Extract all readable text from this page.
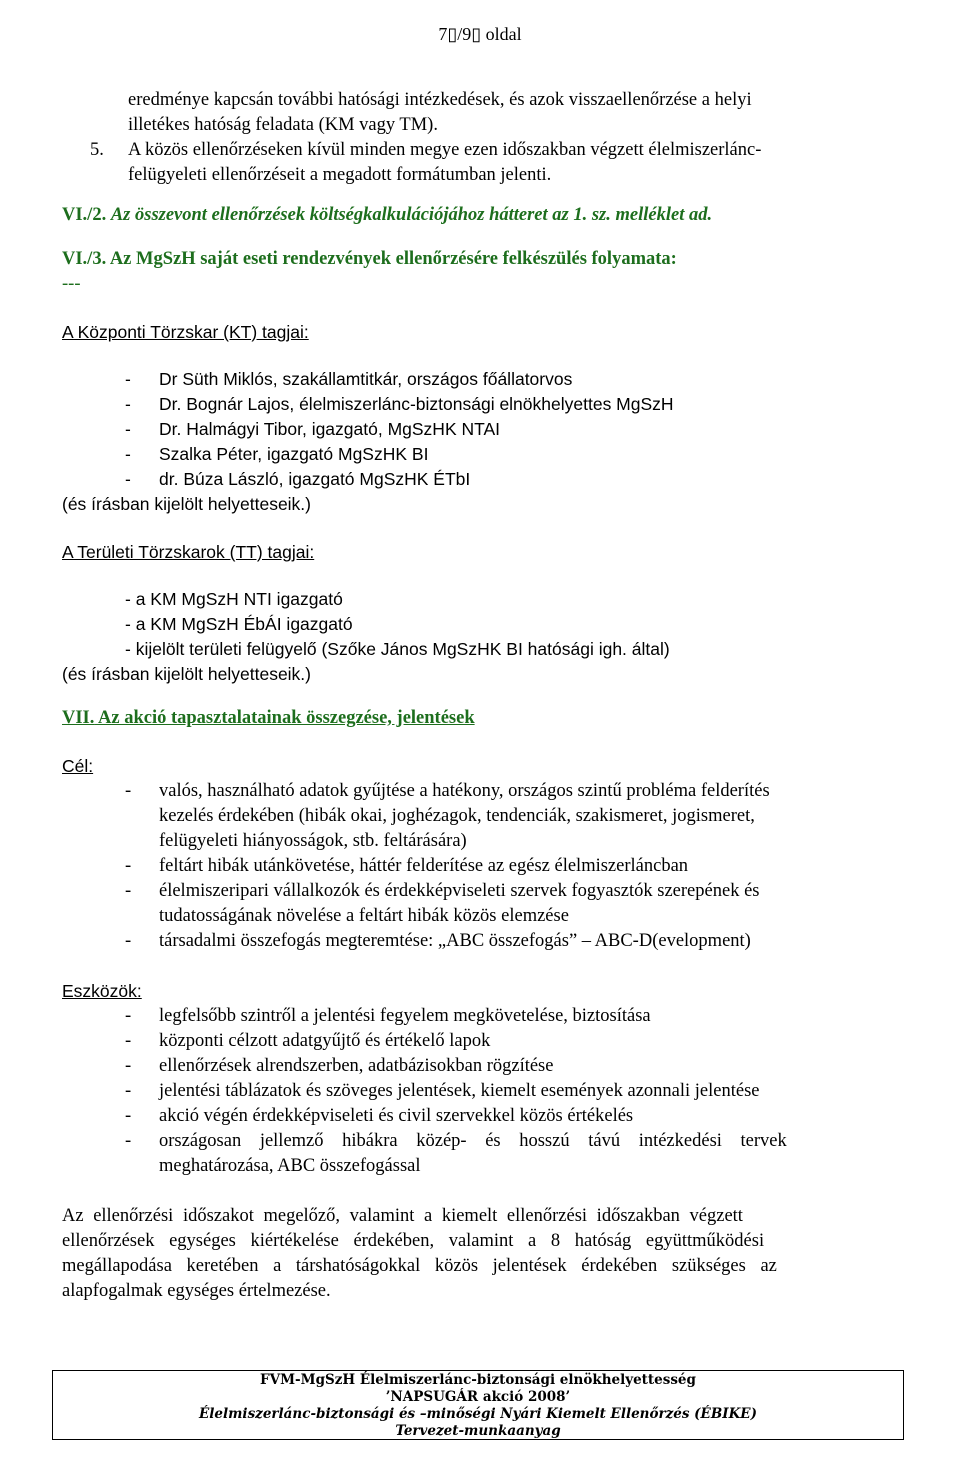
7▯/9▯ oldal

eredménye kapcsán további hatósági intézkedések, és azok visszaellenőrzése a helyi

illetékes hatóság feladata (KM vagy TM).

5.	A közös ellenőrzéseken kívül minden megye ezen időszakban végzett élelmiszerlánc-

felügyeleti ellenőrzéseit a megadott formátumban jelenti.

VI./2. Az összevont ellenőrzések költségkalkulációjához hátteret az 1. sz. melléklet ad.

VI./3. Az MgSzH saját eseti rendezvények ellenőrzésére felkészülés folyamata:

---

A Központi Törzskar (KT) tagjai:

- Dr Süth Miklós, szakállamtitkár, országos főállatorvos
- Dr. Bognár Lajos, élelmiszerlánc-biztonsági elnökhelyettes MgSzH
- Dr. Halmágyi Tibor, igazgató, MgSzHK NTAI
- Szalka Péter, igazgató MgSzHK BI
- dr. Búza László, igazgató MgSzHK ÉTbI

(és írásban kijelölt helyetteseik.)

A Területi Törzskarok (TT) tagjai:

- a KM MgSzH NTI igazgató
- a KM MgSzH ÉbÁI igazgató
- kijelölt területi felügyelő (Szőke János MgSzHK BI hatósági igh. által)

(és írásban kijelölt helyetteseik.)

VII. Az akció tapasztalatainak összegzése, jelentések

Cél:

- valós, használható adatok gyűjtése a hatékony, országos szintű probléma felderítés
kezelés érdekében (hibák okai, joghézagok, tendenciák, szakismeret, jogismeret,
felügyeleti hiányosságok, stb. feltárására)
- feltárt hibák utánkövetése, háttér felderítése az egész élelmiszerláncban
- élelmiszeripari vállalkozók és érdekképviseleti szervek fogyasztók szerepének és
tudatosságának növelése a feltárt hibák közös elemzése
- társadalmi összefogás megteremtése: „ABC összefogás” – ABC-D(evelopment)

Eszközök:

- legfelsőbb szintről a jelentési fegyelem megkövetelése, biztosítása
- központi célzott adatgyűjtő és értékelő lapok
- ellenőrzések alrendszerben, adatbázisokban rögzítése
- jelentési táblázatok és szöveges jelentések, kiemelt események azonnali jelentése
- akció végén érdekképviseleti és civil szervekkel közös értékelés
- országosan jellemző hibákra közép- és hosszú távú intézkedési tervek
meghatározása, ABC összefogással

Az ellenőrzési időszakot megelőző, valamint a kiemelt ellenőrzési időszakban végzett

ellenőrzések egységes kiértékelése érdekében, valamint a 8 hatóság együttműködési

megállapodása keretében a társhatóságokkal közös jelentések érdekében szükséges az

alapfogalmak egységes értelmezése.

FVM-MgSzH Élelmiszerlánc-biztonsági elnökhelyettesség
’NAPSUGÁR akció 2008’
Élelmiszerlánc-biztonsági és –minőségi Nyári Kiemelt Ellenőrzés (ÉBIKE)
Tervezet-munkaanyag
